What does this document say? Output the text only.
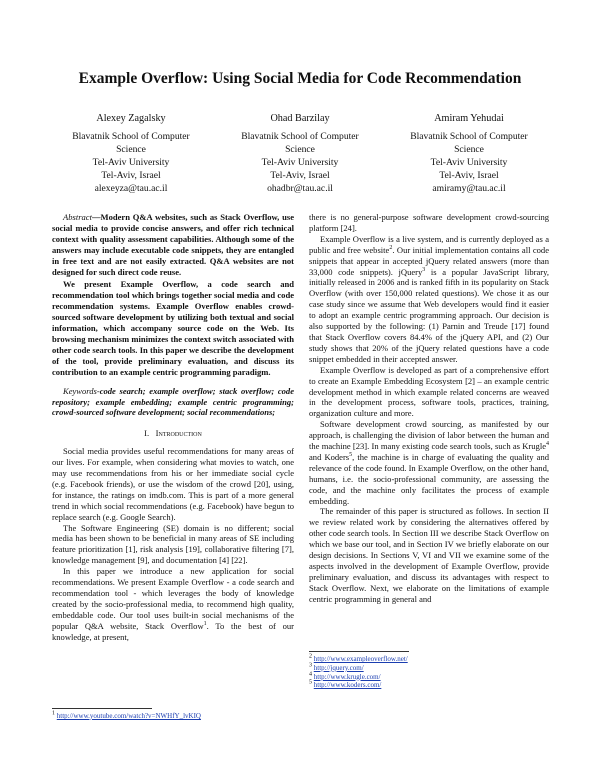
Example Overflow: Using Social Media for Code Recommendation
Alexey Zagalsky
Blavatnik School of Computer
Science
Tel-Aviv University
Tel-Aviv, Israel
alexeyza@tau.ac.il
Ohad Barzilay
Blavatnik School of Computer
Science
Tel-Aviv University
Tel-Aviv, Israel
ohadbr@tau.ac.il
Amiram Yehudai
Blavatnik School of Computer
Science
Tel-Aviv University
Tel-Aviv, Israel
amiramy@tau.ac.il

Abstract—Modern Q&A websites, such as Stack Overflow, use social media to provide concise answers, and offer rich technical context with quality assessment capabilities. Although some of the answers may include executable code snippets, they are entangled in free text and are not easily extracted. Q&A websites are not designed for such direct code reuse.

We present Example Overflow, a code search and recommendation tool which brings together social media and code recommendation systems. Example Overflow enables crowd-sourced software development by utilizing both textual and social information, which accompany source code on the Web. Its browsing mechanism minimizes the context switch associated with other code search tools. In this paper we describe the development of the tool, provide preliminary evaluation, and discuss its contribution to an example centric programming paradigm.

Keywords-code search; example overflow; stack overflow; code repository; example embedding; example centric programming; crowd-sourced software development; social recommendations;

I. Introduction

Social media provides useful recommendations for many areas of our lives. For example, when considering what movies to watch, one may use recommendations from his or her immediate social cycle (e.g. Facebook friends), or use the wisdom of the crowd [20], using, for instance, the ratings on imdb.com. This is part of a more general trend in which social recommendations (e.g. Facebook) have begun to replace search (e.g. Google Search).

The Software Engineering (SE) domain is no different; social media has been shown to be beneficial in many areas of SE including feature prioritization [1], risk analysis [19], collaborative filtering [7], knowledge management [9], and documentation [4] [22].

In this paper we introduce a new application for social recommendations. We present Example Overflow - a code search and recommendation tool - which leverages the body of knowledge created by the socio-professional media, to recommend high quality, embeddable code. Our tool uses built-in social mechanisms of the popular Q&A website, Stack Overflow$^1$. To the best of our knowledge, at present,

$^1$ http://www.youtube.com/watch?v=NWHfY_lvKIQ

there is no general-purpose software development crowd-sourcing platform [24].

Example Overflow is a live system, and is currently deployed as a public and free website$^2$. Our initial implementation contains all code snippets that appear in accepted jQuery related answers (more than 33,000 code snippets). jQuery$^3$ is a popular JavaScript library, initially released in 2006 and is ranked fifth in its popularity on Stack Overflow (with over 150,000 related questions). We chose it as our case study since we assume that Web developers would find it easier to adopt an example centric programming approach. Our decision is also supported by the following: (1) Parnin and Treude [17] found that Stack Overflow covers 84.4% of the jQuery API, and (2) Our study shows that 20% of the jQuery related questions have a code snippet embedded in their accepted answer.

Example Overflow is developed as part of a comprehensive effort to create an Example Embedding Ecosystem [2] – an example centric development method in which example related concerns are weaved in the development process, software tools, practices, training, organization culture and more.

Software development crowd sourcing, as manifested by our approach, is challenging the division of labor between the human and the machine [23]. In many existing code search tools, such as Krugle$^4$ and Koders$^5$, the machine is in charge of evaluating the quality and relevance of the code found. In Example Overflow, on the other hand, humans, i.e. the socio-professional community, are assessing the code, and the machine only facilitates the process of example embedding.

The remainder of this paper is structured as follows. In section II we review related work by considering the alternatives offered by other code search tools. In Section III we describe Stack Overflow on which we base our tool, and in Section IV we briefly elaborate on our design decisions. In Sections V, VI and VII we examine some of the aspects involved in the development of Example Overflow, provide preliminary evaluation, and discuss its advantages with respect to Stack Overflow. Next, we elaborate on the limitations of example centric programming in general and

$^2$ http://www.exampleoverflow.net/
$^3$ http://jquery.com/
$^4$ http://www.krugle.com/
$^5$ http://www.koders.com/
